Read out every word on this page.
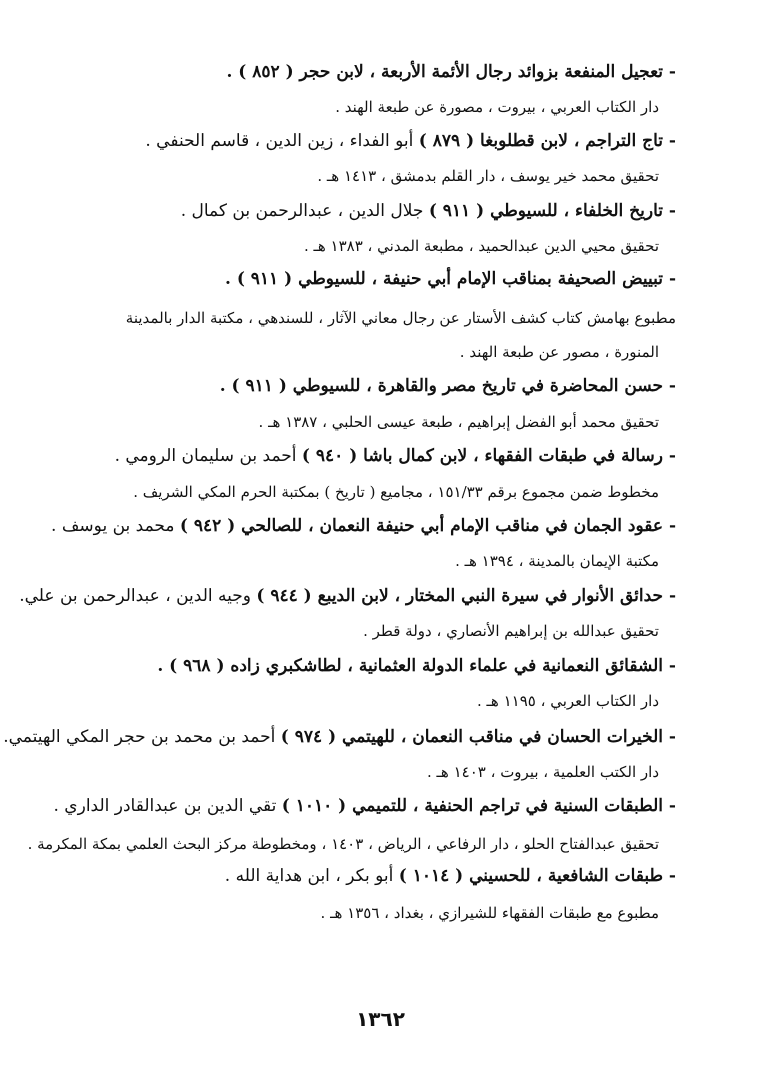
- تعجيل المنفعة بزوائد رجال الأئمة الأربعة ، لابن حجر ( ٨٥٢ ) .
دار الكتاب العربي ، بيروت ، مصورة عن طبعة الهند .
- تاج التراجم ، لابن قطلوبغا ( ٨٧٩ ) أبو الفداء ، زين الدين ، قاسم الحنفي .
تحقيق محمد خير يوسف ، دار القلم بدمشق ، ١٤١٣ هـ .
- تاريخ الخلفاء ، للسيوطي ( ٩١١ ) جلال الدين ، عبدالرحمن بن كمال .
تحقيق محيي الدين عبدالحميد ، مطبعة المدني ، ١٣٨٣ هـ .
- تبييض الصحيفة بمناقب الإمام أبي حنيفة ، للسيوطي ( ٩١١ ) .
مطبوع بهامش كتاب كشف الأستار عن رجال معاني الآثار ، للسندهي ، مكتبة الدار بالمدينة
المنورة ، مصور عن طبعة الهند .
- حسن المحاضرة في تاريخ مصر والقاهرة ، للسيوطي ( ٩١١ ) .
تحقيق محمد أبو الفضل إبراهيم ، طبعة عيسى الحلبي ، ١٣٨٧ هـ .
- رسالة في طبقات الفقهاء ، لابن كمال باشا ( ٩٤٠ ) أحمد بن سليمان الرومي .
مخطوط ضمن مجموع برقم ١٥١/٣٣ ، مجاميع ( تاريخ ) بمكتبة الحرم المكي الشريف .
- عقود الجمان في مناقب الإمام أبي حنيفة النعمان ، للصالحي ( ٩٤٢ ) محمد بن يوسف .
مكتبة الإيمان بالمدينة ، ١٣٩٤ هـ .
- حدائق الأنوار في سيرة النبي المختار ، لابن الديبع ( ٩٤٤ ) وجيه الدين ، عبدالرحمن بن علي.
تحقيق عبدالله بن إبراهيم الأنصاري ، دولة قطر .
- الشقائق النعمانية في علماء الدولة العثمانية ، لطاشكبري زاده ( ٩٦٨ ) .
دار الكتاب العربي ، ١١٩٥ هـ .
- الخيرات الحسان في مناقب النعمان ، للهيتمي ( ٩٧٤ ) أحمد بن محمد بن حجر المكي الهيتمي.
دار الكتب العلمية ، بيروت ، ١٤٠٣ هـ .
- الطبقات السنية في تراجم الحنفية ، للتميمي ( ١٠١٠ ) تقي الدين بن عبدالقادر الداري .
تحقيق عبدالفتاح الحلو ، دار الرفاعي ، الرياض ، ١٤٠٣ ، ومخطوطة مركز البحث العلمي بمكة المكرمة .
- طبقات الشافعية ، للحسيني ( ١٠١٤ ) أبو بكر ، ابن هداية الله .
مطبوع مع طبقات الفقهاء للشيرازي ، بغداد ، ١٣٥٦ هـ .
١٣٦٢
